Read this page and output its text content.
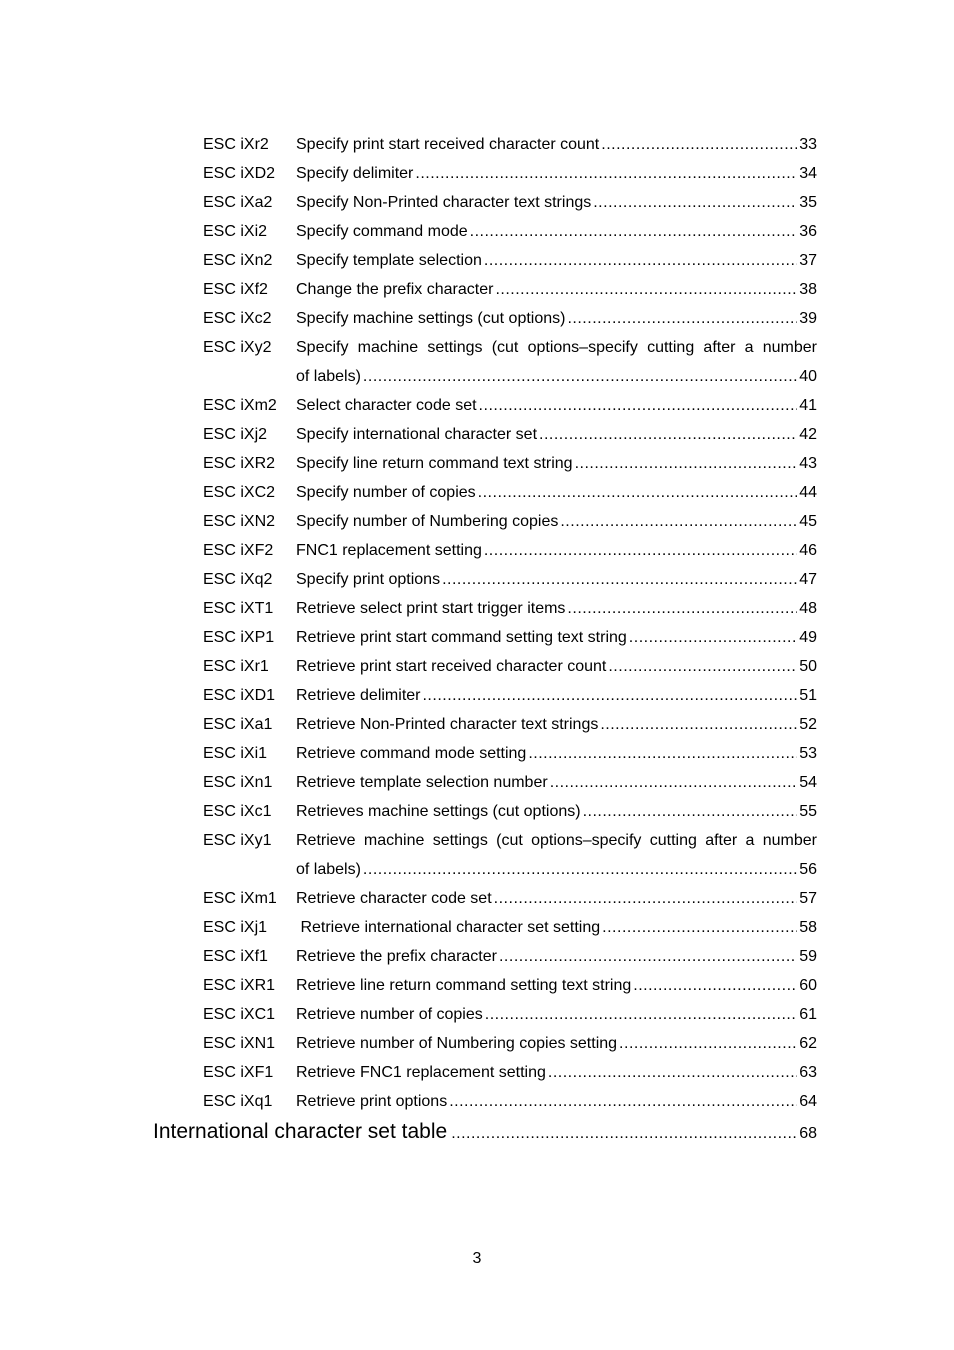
ESC iXr2 Specify print start received character count .....	33
ESC iXD2 Specify delimiter .....	34
ESC iXa2 Specify Non-Printed character text strings .....	35
ESC iXi2 Specify command mode .....	36
ESC iXn2 Specify template selection .....	37
ESC iXf2 Change the prefix character .....	38
ESC iXc2 Specify machine settings (cut options) .....	39
ESC iXy2 Specify machine settings (cut options–specify cutting after a number
of labels) .....	40
ESC iXm2 Select character code set .....	41
ESC iXj2 Specify international character set .....	42
ESC iXR2 Specify line return command text string .....	43
ESC iXC2 Specify number of copies .....	44
ESC iXN2 Specify number of Numbering copies .....	45
ESC iXF2 FNC1 replacement setting .....	46
ESC iXq2 Specify print options .....	47
ESC iXT1 Retrieve select print start trigger items .....	48
ESC iXP1 Retrieve print start command setting text string .....	49
ESC iXr1 Retrieve print start received character count .....	50
ESC iXD1 Retrieve delimiter .....	51
ESC iXa1 Retrieve Non-Printed character text strings .....	52
ESC iXi1 Retrieve command mode setting .....	53
ESC iXn1 Retrieve template selection number .....	54
ESC iXc1 Retrieves machine settings (cut options) .....	55
ESC iXy1 Retrieve machine settings (cut options–specify cutting after a number
of labels) .....	56
ESC iXm1 Retrieve character code set .....	57
ESC iXj1 Retrieve international character set setting .....	58
ESC iXf1 Retrieve the prefix character .....	59
ESC iXR1 Retrieve line return command setting text string .....	60
ESC iXC1 Retrieve number of copies .....	61
ESC iXN1 Retrieve number of Numbering copies setting .....	62
ESC iXF1 Retrieve FNC1 replacement setting .....	63
ESC iXq1 Retrieve print options .....	64
International character set table .....	68
3
